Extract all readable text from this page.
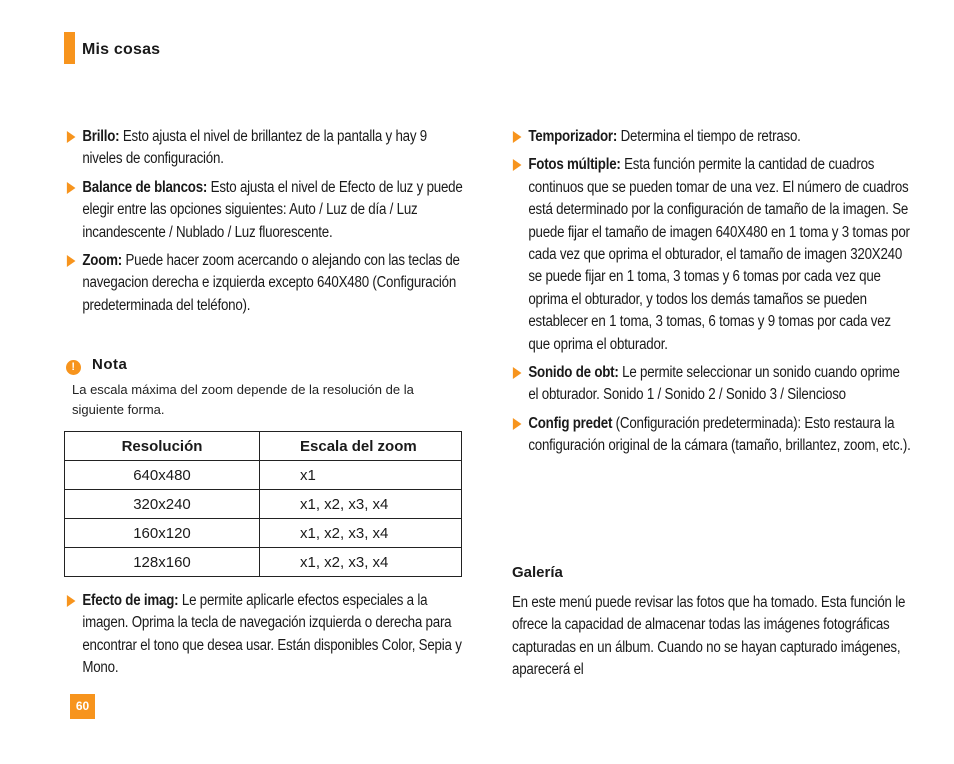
Mis cosas
Brillo: Esto ajusta el nivel de brillantez de la pantalla y hay 9 niveles de configuración.
Balance de blancos: Esto ajusta el nivel de Efecto de luz y puede elegir entre las opciones siguientes: Auto / Luz de día / Luz incandescente / Nublado / Luz fluorescente.
Zoom: Puede hacer zoom acercando o alejando con las teclas de navegacion derecha e izquierda excepto 640X480 (Configuración predeterminada del teléfono).
! Nota
La escala máxima del zoom depende de la resolución de la siguiente forma.
Resolución	Escala del zoom
640x480	x1
320x240	x1, x2, x3, x4
160x120	x1, x2, x3, x4
128x160	x1, x2, x3, x4
Efecto de imag: Le permite aplicarle efectos especiales a la imagen. Oprima la tecla de navegación izquierda o derecha para encontrar el tono que desea usar. Están disponibles Color, Sepia y Mono.
Temporizador: Determina el tiempo de retraso.
Fotos múltiple: Esta función permite la cantidad de cuadros continuos que se pueden tomar de una vez. El número de cuadros está determinado por la configuración de tamaño de la imagen. Se puede fijar el tamaño de imagen 640X480 en 1 toma y 3 tomas por cada vez que oprima el obturador, el tamaño de imagen 320X240 se puede fijar en 1 toma, 3 tomas y 6 tomas por cada vez que oprima el obturador, y todos los demás tamaños se pueden establecer en 1 toma, 3 tomas, 6 tomas y 9 tomas por cada vez que oprima el obturador.
Sonido de obt: Le permite seleccionar un sonido cuando oprime el obturador. Sonido 1 / Sonido 2 / Sonido 3 / Silencioso
Config predet (Configuración predeterminada): Esto restaura la configuración original de la cámara (tamaño, brillantez, zoom, etc.).
Galería
En este menú puede revisar las fotos que ha tomado. Esta función le ofrece la capacidad de almacenar todas las imágenes fotográficas capturadas en un álbum. Cuando no se hayan capturado imágenes, aparecerá el
60
